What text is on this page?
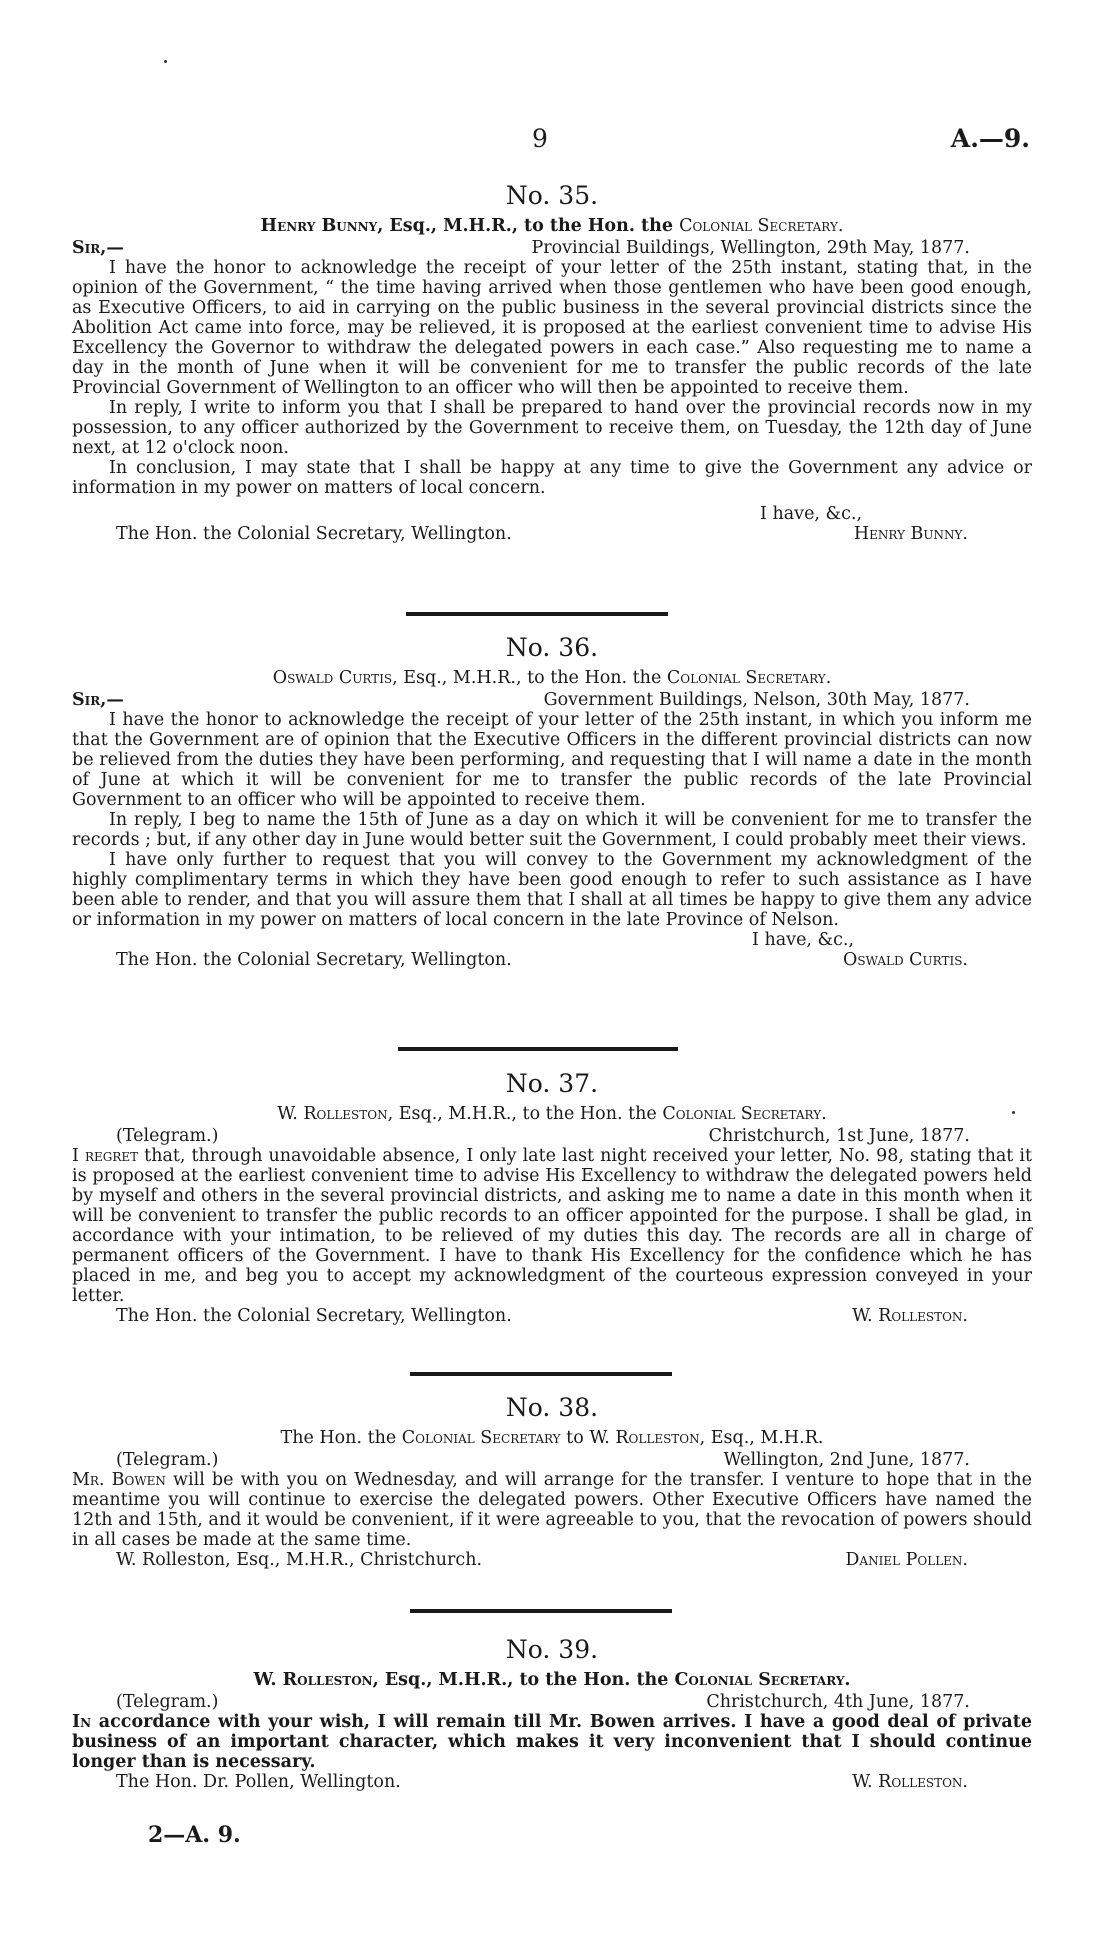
9	A.—9.
No. 35.
Henry Bunny, Esq., M.H.R., to the Hon. the Colonial Secretary.
Sir,—	Provincial Buildings, Wellington, 29th May, 1877.

I have the honor to acknowledge the receipt of your letter of the 25th instant, stating that, in the opinion of the Government, “ the time having arrived when those gentlemen who have been good enough, as Executive Officers, to aid in carrying on the public business in the several provincial districts since the Abolition Act came into force, may be relieved, it is proposed at the earliest convenient time to advise His Excellency the Governor to withdraw the delegated powers in each case.” Also requesting me to name a day in the month of June when it will be convenient for me to transfer the public records of the late Provincial Government of Wellington to an officer who will then be appointed to receive them.

In reply, I write to inform you that I shall be prepared to hand over the provincial records now in my possession, to any officer authorized by the Government to receive them, on Tuesday, the 12th day of June next, at 12 o'clock noon.

In conclusion, I may state that I shall be happy at any time to give the Government any advice or information in my power on matters of local concern.

I have, &c.,
The Hon. the Colonial Secretary, Wellington.	Henry Bunny.
No. 36.
Oswald Curtis, Esq., M.H.R., to the Hon. the Colonial Secretary.
Sir,—	Government Buildings, Nelson, 30th May, 1877.

I have the honor to acknowledge the receipt of your letter of the 25th instant, in which you inform me that the Government are of opinion that the Executive Officers in the different provincial districts can now be relieved from the duties they have been performing, and requesting that I will name a date in the month of June at which it will be convenient for me to transfer the public records of the late Provincial Government to an officer who will be appointed to receive them.

In reply, I beg to name the 15th of June as a day on which it will be convenient for me to transfer the records ; but, if any other day in June would better suit the Government, I could probably meet their views.

I have only further to request that you will convey to the Government my acknowledgment of the highly complimentary terms in which they have been good enough to refer to such assistance as I have been able to render, and that you will assure them that I shall at all times be happy to give them any advice or information in my power on matters of local concern in the late Province of Nelson.

I have, &c.,
The Hon. the Colonial Secretary, Wellington.	Oswald Curtis.
No. 37.
W. Rolleston, Esq., M.H.R., to the Hon. the Colonial Secretary.
(Telegram.)	Christchurch, 1st June, 1877.

I regret that, through unavoidable absence, I only late last night received your letter, No. 98, stating that it is proposed at the earliest convenient time to advise His Excellency to withdraw the delegated powers held by myself and others in the several provincial districts, and asking me to name a date in this month when it will be convenient to transfer the public records to an officer appointed for the purpose. I shall be glad, in accordance with your intimation, to be relieved of my duties this day. The records are all in charge of permanent officers of the Government. I have to thank His Excellency for the confidence which he has placed in me, and beg you to accept my acknowledgment of the courteous expression conveyed in your letter.

The Hon. the Colonial Secretary, Wellington.	W. Rolleston.
No. 38.
The Hon. the Colonial Secretary to W. Rolleston, Esq., M.H.R.
(Telegram.)	Wellington, 2nd June, 1877.

Mr. Bowen will be with you on Wednesday, and will arrange for the transfer. I venture to hope that in the meantime you will continue to exercise the delegated powers. Other Executive Officers have named the 12th and 15th, and it would be convenient, if it were agreeable to you, that the revocation of powers should in all cases be made at the same time.

W. Rolleston, Esq., M.H.R., Christchurch.	Daniel Pollen.
No. 39.
W. Rolleston, Esq., M.H.R., to the Hon. the Colonial Secretary.
(Telegram.)	Christchurch, 4th June, 1877.

In accordance with your wish, I will remain till Mr. Bowen arrives. I have a good deal of private business of an important character, which makes it very inconvenient that I should continue longer than is necessary.

The Hon. Dr. Pollen, Wellington.	W. Rolleston.
2—A. 9.
